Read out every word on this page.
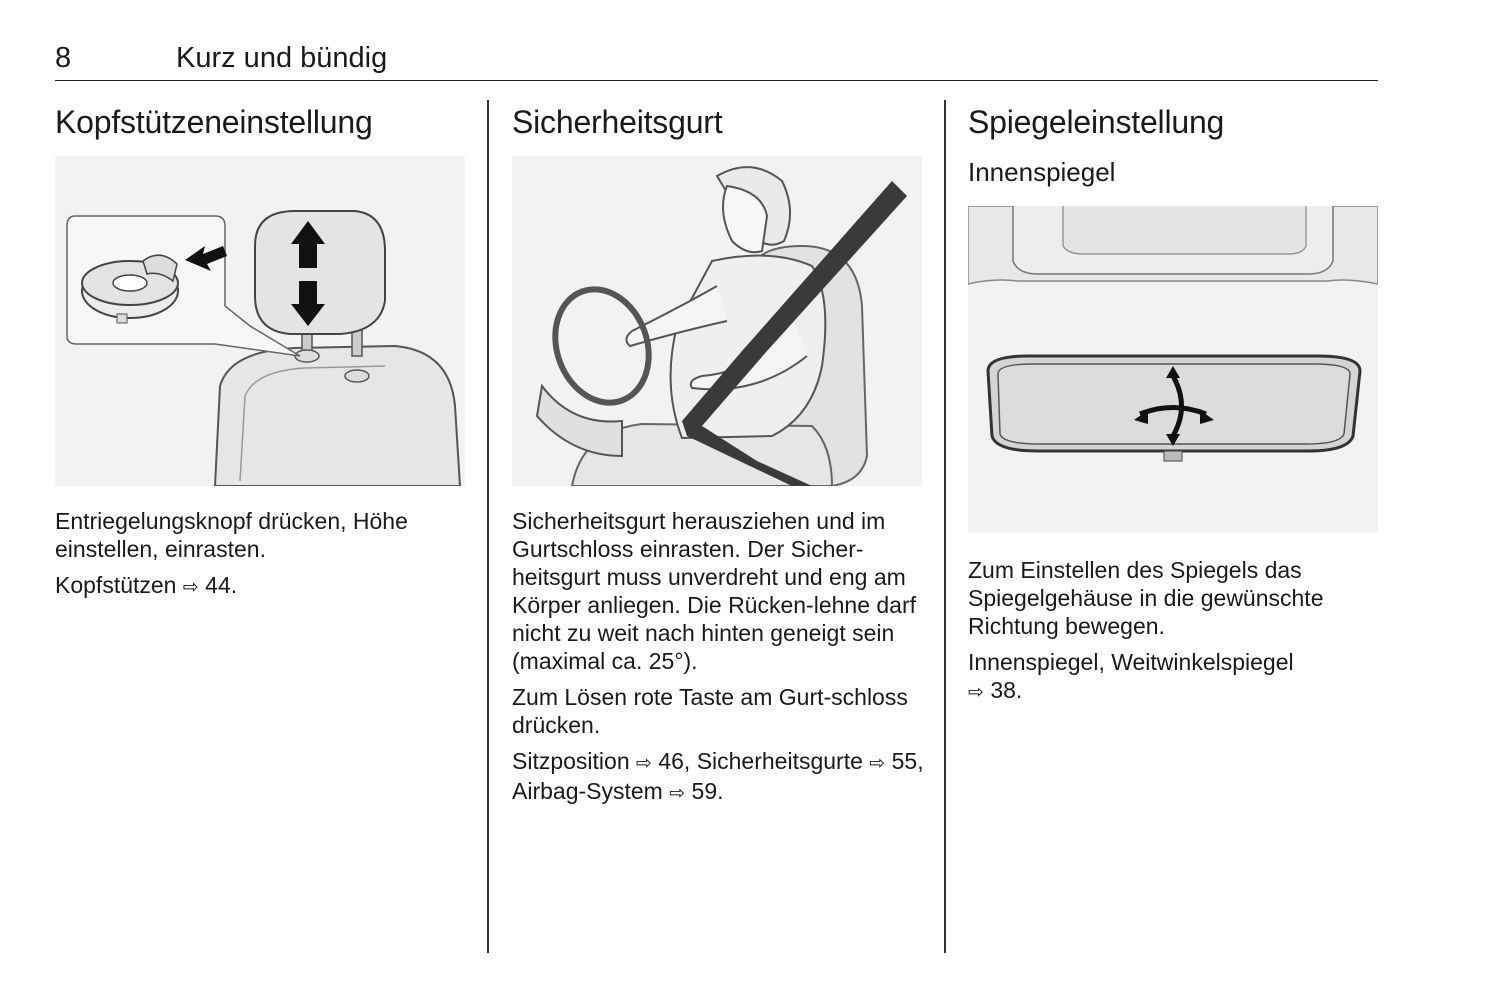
8	Kurz und bündig
Kopfstützeneinstellung

Entriegelungsknopf drücken, Höhe einstellen, einrasten.

Kopfstützen ⇨ 44.

Sicherheitsgurt

Sicherheitsgurt herausziehen und im Gurtschloss einrasten. Der Sicher-heitsgurt muss unverdreht und eng am Körper anliegen. Die Rücken-lehne darf nicht zu weit nach hinten geneigt sein (maximal ca. 25°).

Zum Lösen rote Taste am Gurt-schloss drücken.

Sitzposition ⇨ 46, Sicherheitsgurte ⇨ 55, Airbag-System ⇨ 59.

Spiegeleinstellung
Innenspiegel

Zum Einstellen des Spiegels das Spiegelgehäuse in die gewünschte Richtung bewegen.

Innenspiegel, Weitwinkelspiegel
⇨ 38.
